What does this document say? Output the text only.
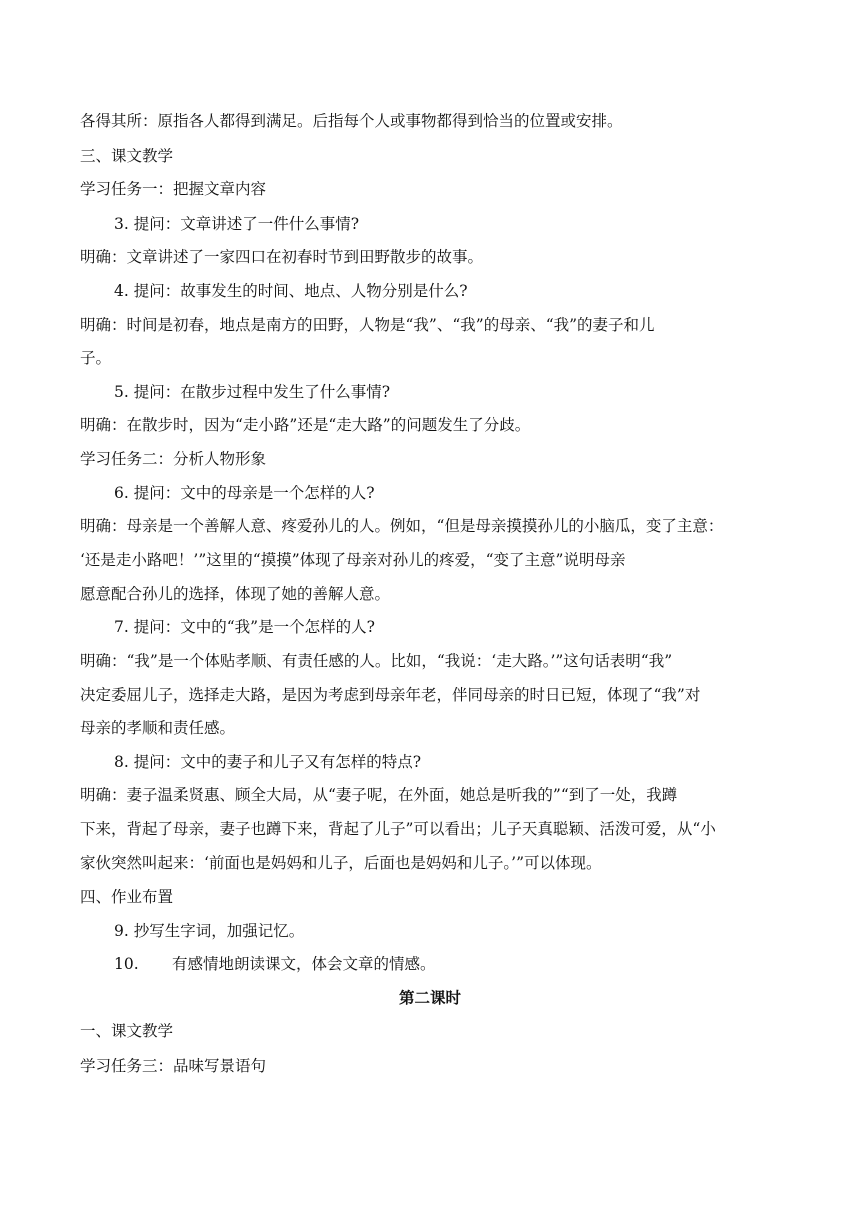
各得其所：原指各人都得到满足。后指每个人或事物都得到恰当的位置或安排。
三、课文教学
学习任务一：把握文章内容
3. 提问：文章讲述了一件什么事情?
明确：文章讲述了一家四口在初春时节到田野散步的故事。
4. 提问：故事发生的时间、地点、人物分别是什么?
明确：时间是初春，地点是南方的田野，人物是“我”、“我”的母亲、“我”的妻子和儿
子。
5. 提问：在散步过程中发生了什么事情?
明确：在散步时，因为“走小路”还是“走大路”的问题发生了分歧。
学习任务二：分析人物形象
6. 提问：文中的母亲是一个怎样的人?
明确：母亲是一个善解人意、疼爱孙儿的人。例如，“但是母亲摸摸孙儿的小脑瓜，变了主意：
‘还是走小路吧！’”这里的“摸摸”体现了母亲对孙儿的疼爱，“变了主意”说明母亲
愿意配合孙儿的选择，体现了她的善解人意。
7. 提问：文中的“我”是一个怎样的人?
明确：“我”是一个体贴孝顺、有责任感的人。比如，“我说：‘走大路。’”这句话表明“我”
决定委屈儿子，选择走大路，是因为考虑到母亲年老，伴同母亲的时日已短，体现了“我”对
母亲的孝顺和责任感。
8. 提问：文中的妻子和儿子又有怎样的特点?
明确：妻子温柔贤惠、顾全大局，从“妻子呢，在外面，她总是听我的”“到了一处，我蹲
下来，背起了母亲，妻子也蹲下来，背起了儿子”可以看出；儿子天真聪颖、活泼可爱，从“小
家伙突然叫起来：‘前面也是妈妈和儿子，后面也是妈妈和儿子。’”可以体现。
四、作业布置
9. 抄写生字词，加强记忆。
10. 有感情地朗读课文，体会文章的情感。
第二课时
一、课文教学
学习任务三：品味写景语句
